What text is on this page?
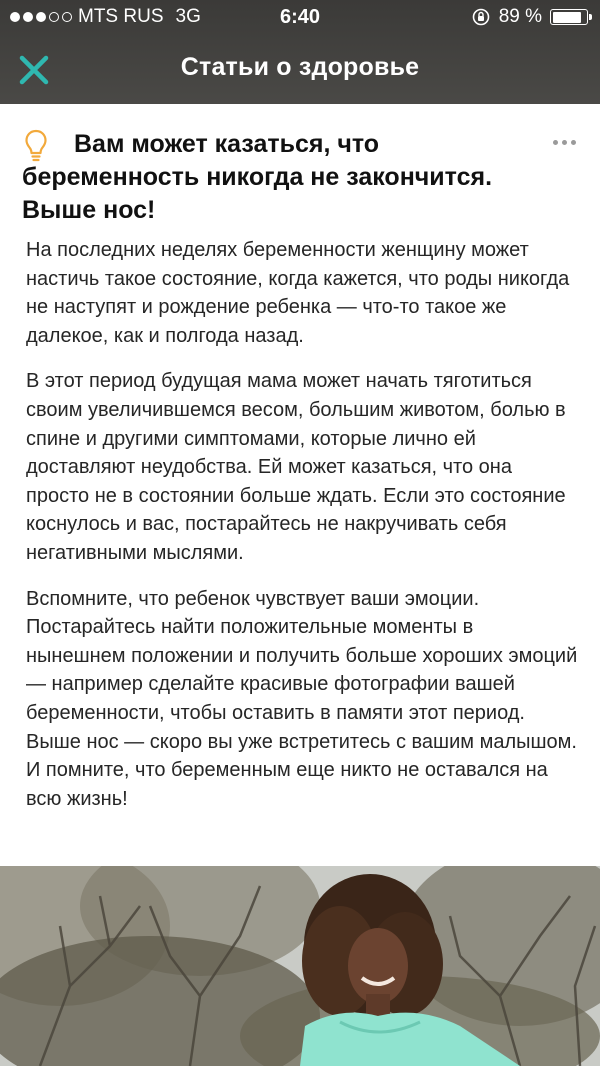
MTS RUS 3G	6:40	89 %
Статьи о здоровье
Вам может казаться, что беременность никогда не закончится. Выше нос!

На последних неделях беременности женщину может настичь такое состояние, когда кажется, что роды никогда не наступят и рождение ребенка — что-то такое же далекое, как и полгода назад.

В этот период будущая мама может начать тяготиться своим увеличившемся весом, большим животом, болью в спине и другими симптомами, которые лично ей доставляют неудобства. Ей может казаться, что она просто не в состоянии больше ждать. Если это состояние коснулось и вас, постарайтесь не накручивать себя негативными мыслями.

Вспомните, что ребенок чувствует ваши эмоции. Постарайтесь найти положительные моменты в нынешнем положении и получить больше хороших эмоций — например сделайте красивые фотографии вашей беременности, чтобы оставить в памяти этот период. Выше нос — скоро вы уже встретитесь с вашим малышом. И помните, что беременным еще никто не оставался на всю жизнь!
